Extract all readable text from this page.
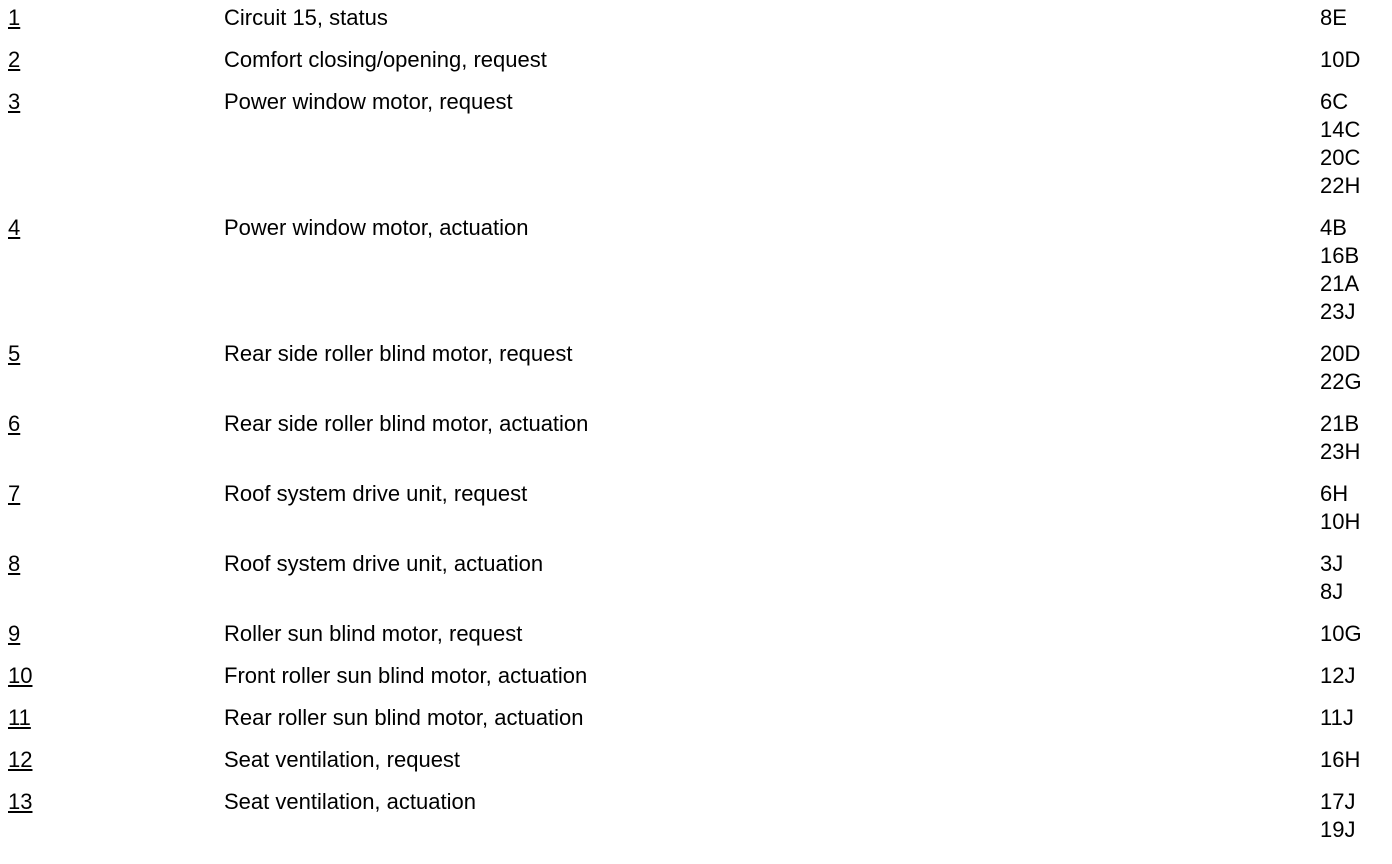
1	Circuit 15, status	8E
2	Comfort closing/opening, request	10D
3	Power window motor, request	6C
14C
20C
22H
4	Power window motor, actuation	4B
16B
21A
23J
5	Rear side roller blind motor, request	20D
22G
6	Rear side roller blind motor, actuation	21B
23H
7	Roof system drive unit, request	6H
10H
8	Roof system drive unit, actuation	3J
8J
9	Roller sun blind motor, request	10G
10	Front roller sun blind motor, actuation	12J
11	Rear roller sun blind motor, actuation	11J
12	Seat ventilation, request	16H
13	Seat ventilation, actuation	17J
19J
